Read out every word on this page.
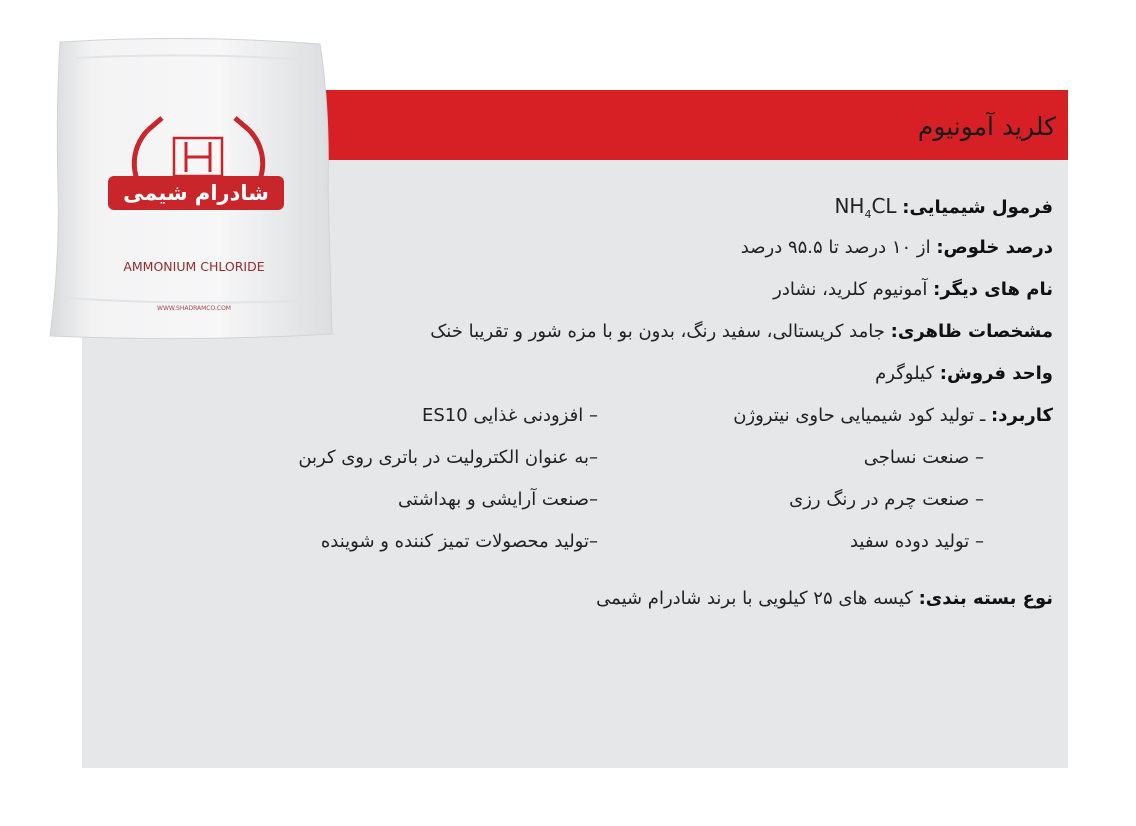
کلرید آمونیوم
شادرام شیمی
AMMONIUM CHLORIDE
WWW.SHADRAMCO.COM
فرمول شیمیایی: $NH_4CL$
درصد خلوص: از ۱۰ درصد تا ۹۵.۵ درصد
نام های دیگر: آمونیوم کلرید، نشادر
مشخصات ظاهری: جامد کریستالی، سفید رنگ، بدون بو با مزه شور و تقریبا خنک
واحد فروش: کیلوگرم
کاربرد: ـ تولید کود شیمیایی حاوی نیتروژن
– صنعت نساجی
– صنعت چرم در رنگ رزی
– تولید دوده سفید
– افزودنی غذایی ES10
–به عنوان الکترولیت در باتری روی کربن
–صنعت آرایشی و بهداشتی
–تولید محصولات تمیز کننده و شوینده
نوع بسته بندی: کیسه های ۲۵ کیلویی با برند شادرام شیمی
